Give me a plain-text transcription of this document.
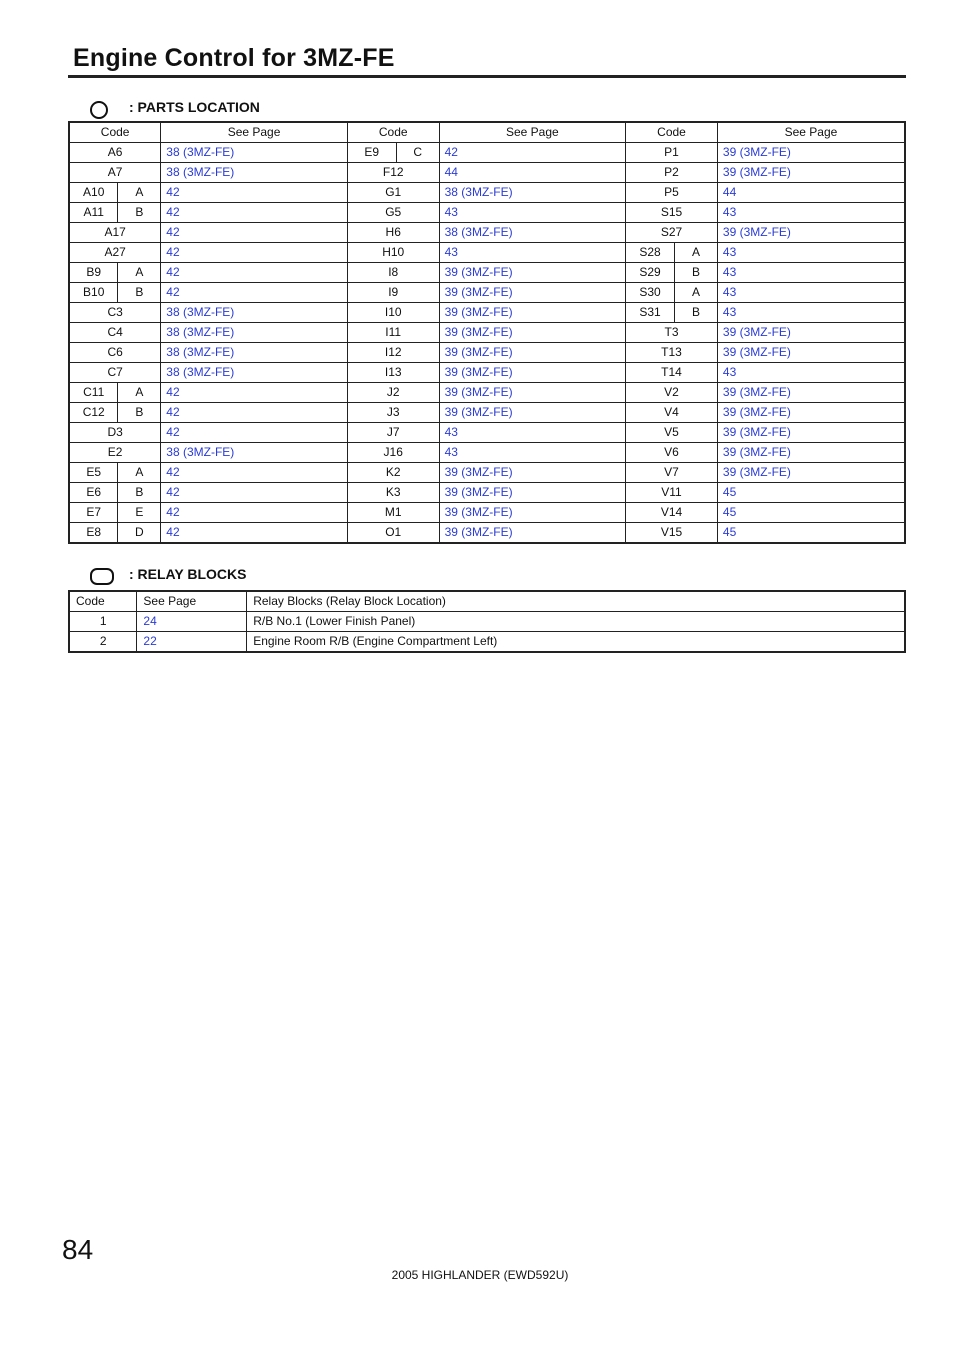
Engine Control for 3MZ-FE
: PARTS LOCATION
Code		See Page	Code		See Page	Code		See Page
A6		38 (3MZ-FE)	E9	C	42	P1		39 (3MZ-FE)
A7		38 (3MZ-FE)	F12		44	P2		39 (3MZ-FE)
A10	A	42	G1		38 (3MZ-FE)	P5		44
A11	B	42	G5		43	S15		43
A17		42	H6		38 (3MZ-FE)	S27		39 (3MZ-FE)
A27		42	H10		43	S28	A	43
B9	A	42	I8		39 (3MZ-FE)	S29	B	43
B10	B	42	I9		39 (3MZ-FE)	S30	A	43
C3		38 (3MZ-FE)	I10		39 (3MZ-FE)	S31	B	43
C4		38 (3MZ-FE)	I11		39 (3MZ-FE)	T3		39 (3MZ-FE)
C6		38 (3MZ-FE)	I12		39 (3MZ-FE)	T13		39 (3MZ-FE)
C7		38 (3MZ-FE)	I13		39 (3MZ-FE)	T14		43
C11	A	42	J2		39 (3MZ-FE)	V2		39 (3MZ-FE)
C12	B	42	J3		39 (3MZ-FE)	V4		39 (3MZ-FE)
D3		42	J7		43	V5		39 (3MZ-FE)
E2		38 (3MZ-FE)	J16		43	V6		39 (3MZ-FE)
E5	A	42	K2		39 (3MZ-FE)	V7		39 (3MZ-FE)
E6	B	42	K3		39 (3MZ-FE)	V11		45
E7	E	42	M1		39 (3MZ-FE)	V14		45
E8	D	42	O1		39 (3MZ-FE)	V15		45
: RELAY BLOCKS
Code	See Page	Relay Blocks (Relay Block Location)
1	24	R/B No.1 (Lower Finish Panel)
2	22	Engine Room R/B (Engine Compartment Left)
84
2005 HIGHLANDER (EWD592U)
